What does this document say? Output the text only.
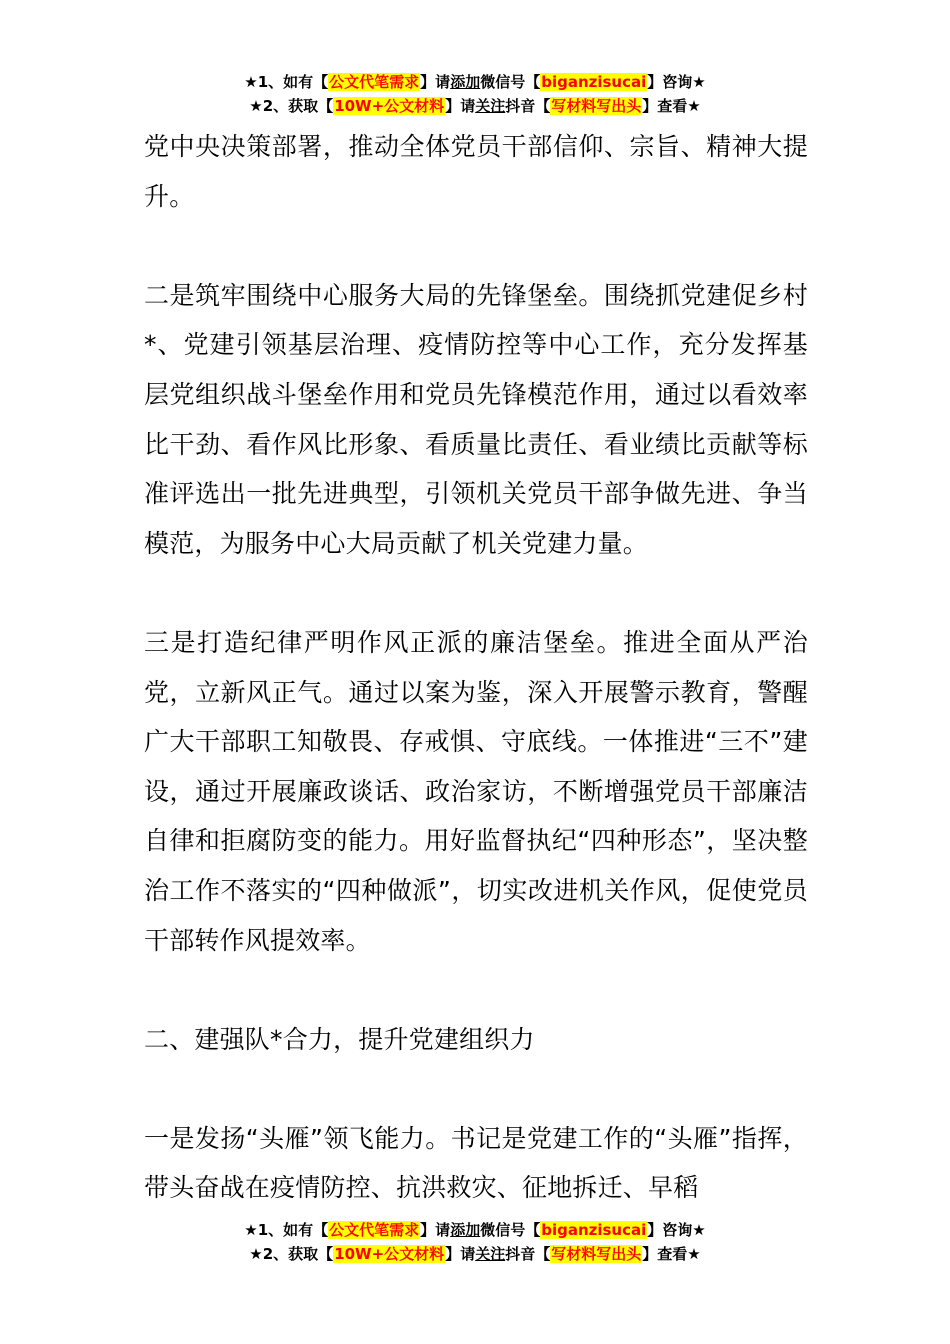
★1、如有【公文代笔需求】请添加微信号【biganzisucai】咨询★
★2、获取【10W+公文材料】请关注抖音【写材料写出头】查看★

党中央决策部署，推动全体党员干部信仰、宗旨、精神大提升。

二是筑牢围绕中心服务大局的先锋堡垒。围绕抓党建促乡村*、党建引领基层治理、疫情防控等中心工作，充分发挥基层党组织战斗堡垒作用和党员先锋模范作用，通过以看效率比干劲、看作风比形象、看质量比责任、看业绩比贡献等标准评选出一批先进典型，引领机关党员干部争做先进、争当模范，为服务中心大局贡献了机关党建力量。

三是打造纪律严明作风正派的廉洁堡垒。推进全面从严治党，立新风正气。通过以案为鉴，深入开展警示教育，警醒广大干部职工知敬畏、存戒惧、守底线。一体推进“三不”建设，通过开展廉政谈话、政治家访，不断增强党员干部廉洁自律和拒腐防变的能力。用好监督执纪“四种形态”，坚决整治工作不落实的“四种做派”，切实改进机关作风，促使党员干部转作风提效率。

二、建强队*合力，提升党建组织力

一是发扬“头雁”领飞能力。书记是党建工作的“头雁”指挥，带头奋战在疫情防控、抗洪救灾、征地拆迁、早稻

★1、如有【公文代笔需求】请添加微信号【biganzisucai】咨询★
★2、获取【10W+公文材料】请关注抖音【写材料写出头】查看★
